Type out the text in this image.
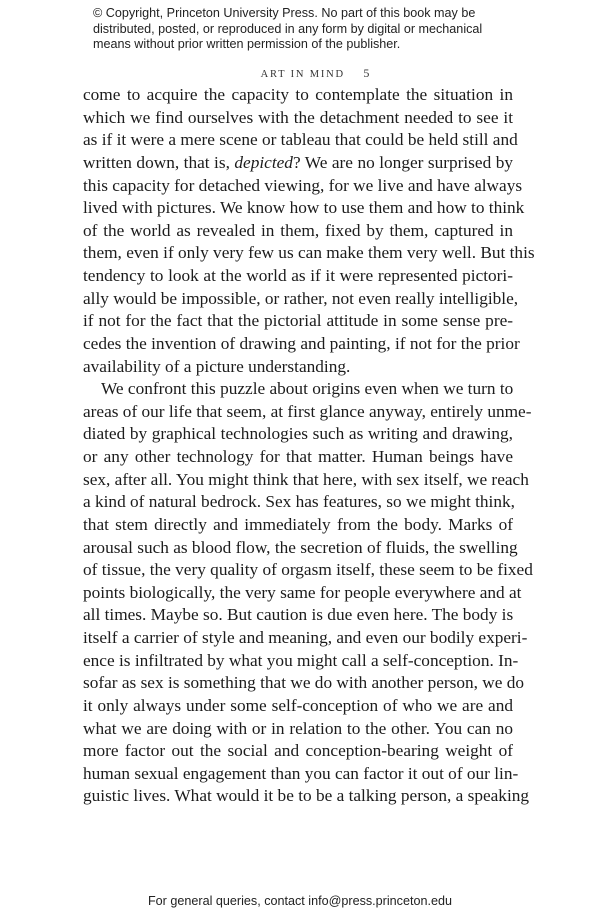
© Copyright, Princeton University Press. No part of this book may be
distributed, posted, or reproduced in any form by digital or mechanical
means without prior written permission of the publisher.
ART IN MIND 5
come to acquire the capacity to contemplate the situation in
which we find ourselves with the detachment needed to see it
as if it were a mere scene or tableau that could be held still and
written down, that is, depicted? We are no longer surprised by
this capacity for detached viewing, for we live and have always
lived with pictures. We know how to use them and how to think
of the world as revealed in them, fixed by them, captured in
them, even if only very few us can make them very well. But this
tendency to look at the world as if it were represented pictori-
ally would be impossible, or rather, not even really intelligible,
if not for the fact that the pictorial attitude in some sense pre-
cedes the invention of drawing and painting, if not for the prior
availability of a picture understanding.
We confront this puzzle about origins even when we turn to
areas of our life that seem, at first glance anyway, entirely unme-
diated by graphical technologies such as writing and drawing,
or any other technology for that matter. Human beings have
sex, after all. You might think that here, with sex itself, we reach
a kind of natural bedrock. Sex has features, so we might think,
that stem directly and immediately from the body. Marks of
arousal such as blood flow, the secretion of fluids, the swelling
of tissue, the very quality of orgasm itself, these seem to be fixed
points biologically, the very same for people everywhere and at
all times. Maybe so. But caution is due even here. The body is
itself a carrier of style and meaning, and even our bodily experi-
ence is infiltrated by what you might call a self-conception. In-
sofar as sex is something that we do with another person, we do
it only always under some self-conception of who we are and
what we are doing with or in relation to the other. You can no
more factor out the social and conception-bearing weight of
human sexual engagement than you can factor it out of our lin-
guistic lives. What would it be to be a talking person, a speaking
For general queries, contact info@press.princeton.edu
